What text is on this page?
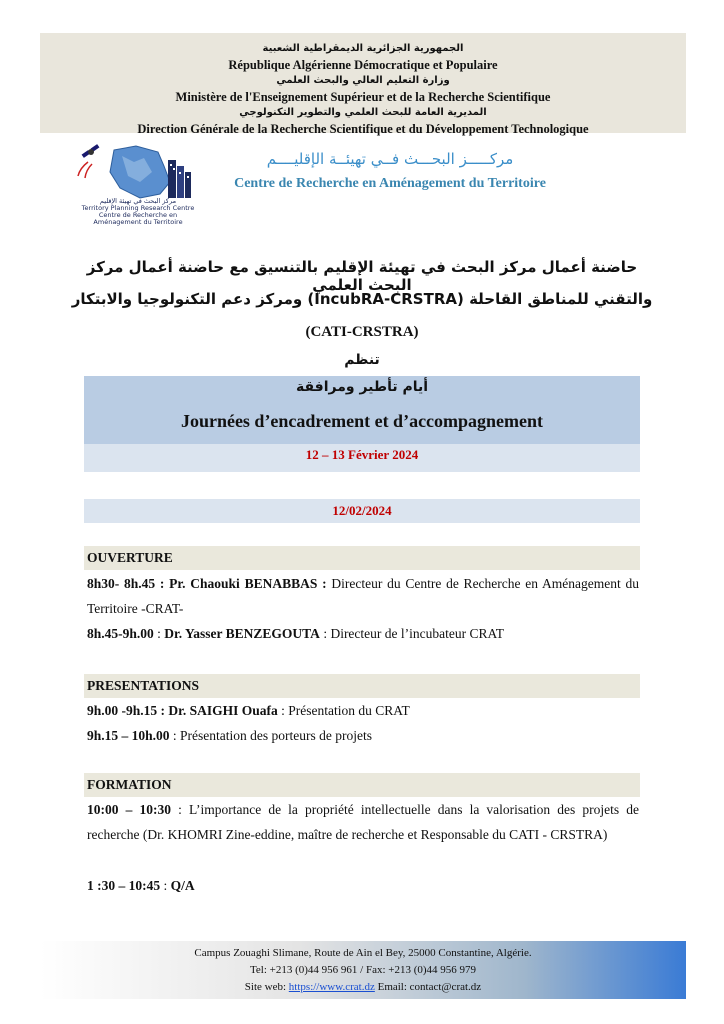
الجمهورية الجزائرية الديمقراطية الشعبية
République Algérienne Démocratique et Populaire
وزارة التعليم العالي والبحث العلمي
Ministère de l'Enseignement Supérieur et de la Recherche Scientifique
المديرية العامة للبحث العلمي والتطوير التكنولوجي
Direction Générale de la Recherche Scientifique et du Développement Technologique
مركز البحث في تهيئة الإقليم
Territory Planning Research Centre
Centre de Recherche en Aménagement du Territoire
مركـــــز البحـــث فــي تهيئــة الإقليــــم
Centre de Recherche en Aménagement du Territoire
حاضنة أعمال مركز البحث في تهيئة الإقليم بالتنسيق مع حاضنة أعمال مركز البحث العلمي
والتقني للمناطق القاحلة (IncubRA-CRSTRA) ومركز دعم التكنولوجيا والابتكار
(CATI-CRSTRA)
تنظم
أيام تأطير ومرافقة
Journées d’encadrement et d’accompagnement
12 – 13 Février 2024
12/02/2024
OUVERTURE
8h30- 8h.45 : Pr. Chaouki BENABBAS : Directeur du Centre de Recherche en Aménagement du Territoire -CRAT-
8h.45-9h.00 : Dr. Yasser BENZEGOUTA : Directeur de l’incubateur CRAT
PRESENTATIONS
9h.00 -9h.15 : Dr. SAIGHI Ouafa : Présentation du CRAT
9h.15 – 10h.00 : Présentation des porteurs de projets
FORMATION
10:00 – 10:30 : L’importance de la propriété intellectuelle dans la valorisation des projets de recherche (Dr. KHOMRI Zine-eddine, maître de recherche et Responsable du CATI - CRSTRA)
1 :30 – 10:45 : Q/A
Campus Zouaghi Slimane, Route de Ain el Bey, 25000 Constantine, Algérie.
Tel: +213 (0)44 956 961 / Fax: +213 (0)44 956 979
Site web: https://www.crat.dz Email: contact@crat.dz
